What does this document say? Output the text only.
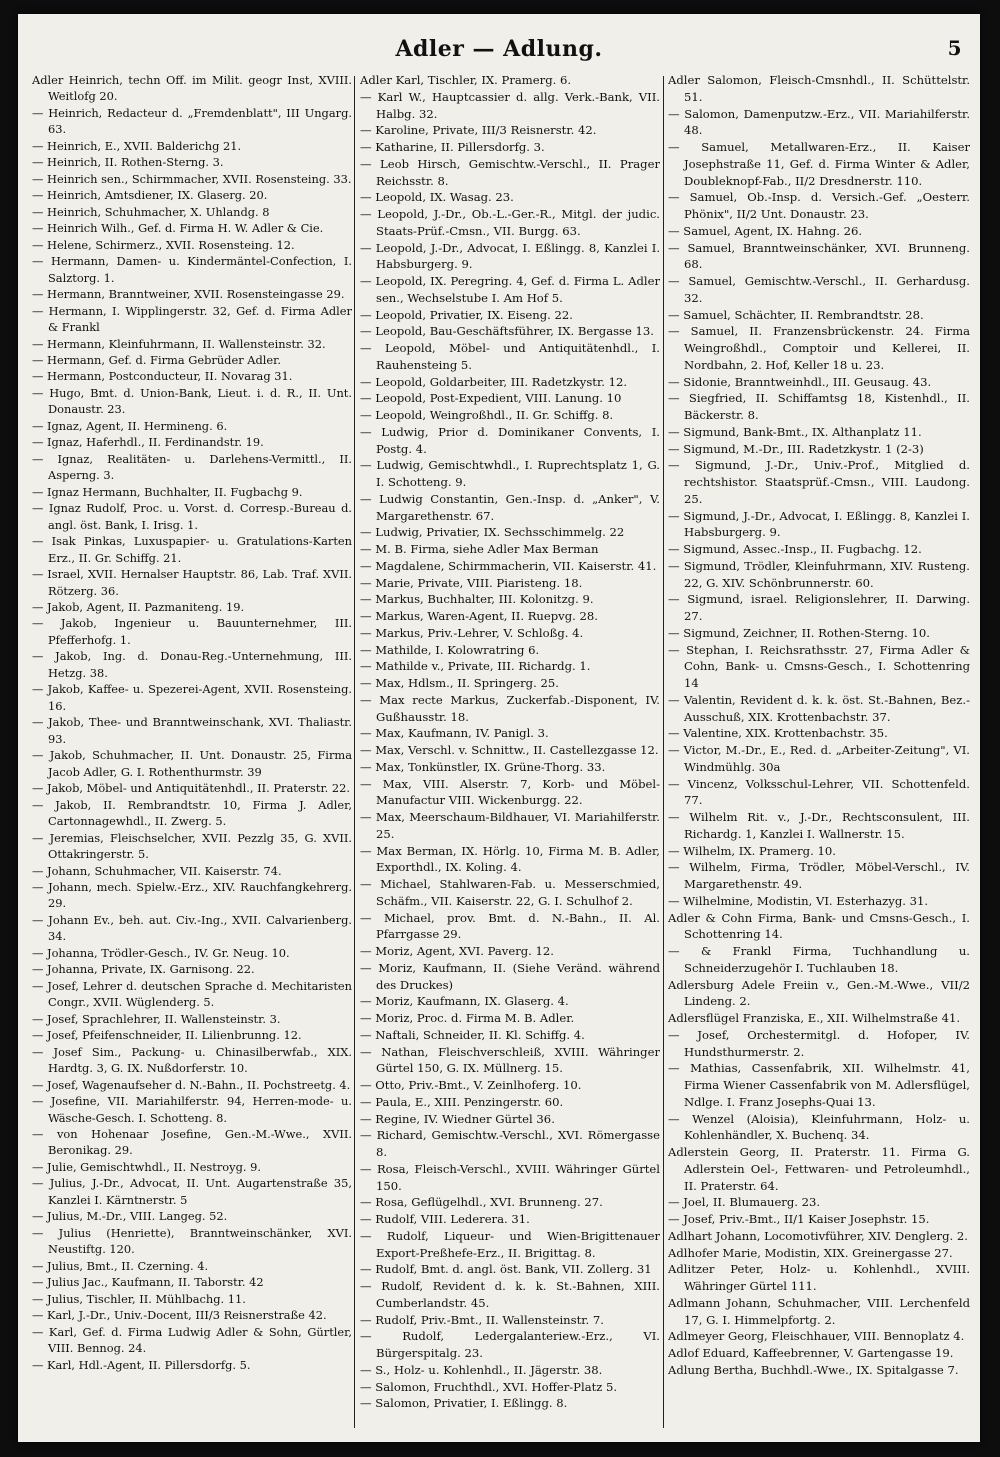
Adler — Adlung.	5

Adler Heinrich, techn Off. im Milit. geogr Inst, XVIII. Weitlofg 20.

— Heinrich, Redacteur d. „Fremdenblatt", III Ungarg. 63.

— Heinrich, E., XVII. Balderichg 21.

— Heinrich, II. Rothen-Sterng. 3.

— Heinrich sen., Schirmmacher, XVII. Rosensteing. 33.

— Heinrich, Amtsdiener, IX. Glaserg. 20.

— Heinrich, Schuhmacher, X. Uhlandg. 8

— Heinrich Wilh., Gef. d. Firma H. W. Adler & Cie.

— Helene, Schirmerz., XVII. Rosensteing. 12.

— Hermann, Damen- u. Kindermäntel-Confection, I. Salztorg. 1.

— Hermann, Branntweiner, XVII. Rosensteingasse 29.

— Hermann, I. Wipplingerstr. 32, Gef. d. Firma Adler & Frankl

— Hermann, Kleinfuhrmann, II. Wallensteinstr. 32.

— Hermann, Gef. d. Firma Gebrüder Adler.

— Hermann, Postconducteur, II. Novarag 31.

— Hugo, Bmt. d. Union-Bank, Lieut. i. d. R., II. Unt. Donaustr. 23.

— Ignaz, Agent, II. Hermineng. 6.

— Ignaz, Haferhdl., II. Ferdinandstr. 19.

— Ignaz, Realitäten- u. Darlehens-Vermittl., II. Asperng. 3.

— Ignaz Hermann, Buchhalter, II. Fugbachg 9.

— Ignaz Rudolf, Proc. u. Vorst. d. Corresp.-Bureau d. angl. öst. Bank, I. Irisg. 1.

— Isak Pinkas, Luxuspapier- u. Gratulations-Karten Erz., II. Gr. Schiffg. 21.

— Israel, XVII. Hernalser Hauptstr. 86, Lab. Traf. XVII. Rötzerg. 36.

— Jakob, Agent, II. Pazmaniteng. 19.

— Jakob, Ingenieur u. Bauunternehmer, III. Pfefferhofg. 1.

— Jakob, Ing. d. Donau-Reg.-Unternehmung, III. Hetzg. 38.

— Jakob, Kaffee- u. Spezerei-Agent, XVII. Rosensteing. 16.

— Jakob, Thee- und Branntweinschank, XVI. Thaliastr. 93.

— Jakob, Schuhmacher, II. Unt. Donaustr. 25, Firma Jacob Adler, G. I. Rothenthurmstr. 39

— Jakob, Möbel- und Antiquitätenhdl., II. Praterstr. 22.

— Jakob, II. Rembrandtstr. 10, Firma J. Adler, Cartonnagewhdl., II. Zwerg. 5.

— Jeremias, Fleischselcher, XVII. Pezzlg 35, G. XVII. Ottakringerstr. 5.

— Johann, Schuhmacher, VII. Kaiserstr. 74.

— Johann, mech. Spielw.-Erz., XIV. Rauchfangkehrerg. 29.

— Johann Ev., beh. aut. Civ.-Ing., XVII. Calvarienberg. 34.

— Johanna, Trödler-Gesch., IV. Gr. Neug. 10.

— Johanna, Private, IX. Garnisong. 22.

— Josef, Lehrer d. deutschen Sprache d. Mechitaristen Congr., XVII. Wüglenderg. 5.

— Josef, Sprachlehrer, II. Wallensteinstr. 3.

— Josef, Pfeifenschneider, II. Lilienbrunng. 12.

— Josef Sim., Packung- u. Chinasilberwfab., XIX. Hardtg. 3, G. IX. Nußdorferstr. 10.

— Josef, Wagenaufseher d. N.-Bahn., II. Pochstreetg. 4.

— Josefine, VII. Mariahilferstr. 94, Herren-mode- u. Wäsche-Gesch. I. Schotteng. 8.

— von Hohenaar Josefine, Gen.-M.-Wwe., XVII. Beronikag. 29.

— Julie, Gemischtwhdl., II. Nestroyg. 9.

— Julius, J.-Dr., Advocat, II. Unt. Augartenstraße 35, Kanzlei I. Kärntnerstr. 5

— Julius, M.-Dr., VIII. Langeg. 52.

— Julius (Henriette), Branntweinschänker, XVI. Neustiftg. 120.

— Julius, Bmt., II. Czerning. 4.

— Julius Jac., Kaufmann, II. Taborstr. 42

— Julius, Tischler, II. Mühlbachg. 11.

— Karl, J.-Dr., Univ.-Docent, III/3 Reisnerstraße 42.

— Karl, Gef. d. Firma Ludwig Adler & Sohn, Gürtler, VIII. Bennog. 24.

— Karl, Hdl.-Agent, II. Pillersdorfg. 5.

Adler Karl, Tischler, IX. Pramerg. 6.

— Karl W., Hauptcassier d. allg. Verk.-Bank, VII. Halbg. 32.

— Karoline, Private, III/3 Reisnerstr. 42.

— Katharine, II. Pillersdorfg. 3.

— Leob Hirsch, Gemischtw.-Verschl., II. Prager Reichsstr. 8.

— Leopold, IX. Wasag. 23.

— Leopold, J.-Dr., Ob.-L.-Ger.-R., Mitgl. der judic. Staats-Prüf.-Cmsn., VII. Burgg. 63.

— Leopold, J.-Dr., Advocat, I. Eßlingg. 8, Kanzlei I. Habsburgerg. 9.

— Leopold, IX. Peregring. 4, Gef. d. Firma L. Adler sen., Wechselstube I. Am Hof 5.

— Leopold, Privatier, IX. Eiseng. 22.

— Leopold, Bau-Geschäftsführer, IX. Bergasse 13.

— Leopold, Möbel- und Antiquitätenhdl., I. Rauhensteing 5.

— Leopold, Goldarbeiter, III. Radetzkystr. 12.

— Leopold, Post-Expedient, VIII. Lanung. 10

— Leopold, Weingroßhdl., II. Gr. Schiffg. 8.

— Ludwig, Prior d. Dominikaner Convents, I. Postg. 4.

— Ludwig, Gemischtwhdl., I. Ruprechtsplatz 1, G. I. Schotteng. 9.

— Ludwig Constantin, Gen.-Insp. d. „Anker", V. Margarethenstr. 67.

— Ludwig, Privatier, IX. Sechsschimmelg. 22

— M. B. Firma, siehe Adler Max Berman

— Magdalene, Schirmmacherin, VII. Kaiserstr. 41.

— Marie, Private, VIII. Piaristeng. 18.

— Markus, Buchhalter, III. Kolonitzg. 9.

— Markus, Waren-Agent, II. Ruepvg. 28.

— Markus, Priv.-Lehrer, V. Schloßg. 4.

— Mathilde, I. Kolowratring 6.

— Mathilde v., Private, III. Richardg. 1.

— Max, Hdlsm., II. Springerg. 25.

— Max recte Markus, Zuckerfab.-Disponent, IV. Gußhausstr. 18.

— Max, Kaufmann, IV. Panigl. 3.

— Max, Verschl. v. Schnittw., II. Castellezgasse 12.

— Max, Tonkünstler, IX. Grüne-Thorg. 33.

— Max, VIII. Alserstr. 7, Korb- und Möbel-Manufactur VIII. Wickenburgg. 22.

— Max, Meerschaum-Bildhauer, VI. Mariahilferstr. 25.

— Max Berman, IX. Hörlg. 10, Firma M. B. Adler, Exporthdl., IX. Koling. 4.

— Michael, Stahlwaren-Fab. u. Messerschmied, Schäfm., VII. Kaiserstr. 22, G. I. Schulhof 2.

— Michael, prov. Bmt. d. N.-Bahn., II. Al. Pfarrgasse 29.

— Moriz, Agent, XVI. Paverg. 12.

— Moriz, Kaufmann, II. (Siehe Veränd. während des Druckes)

— Moriz, Kaufmann, IX. Glaserg. 4.

— Moriz, Proc. d. Firma M. B. Adler.

— Naftali, Schneider, II. Kl. Schiffg. 4.

— Nathan, Fleischverschleiß, XVIII. Währinger Gürtel 150, G. IX. Müllnerg. 15.

— Otto, Priv.-Bmt., V. Zeinlhoferg. 10.

— Paula, E., XIII. Penzingerstr. 60.

— Regine, IV. Wiedner Gürtel 36.

— Richard, Gemischtw.-Verschl., XVI. Römergasse 8.

— Rosa, Fleisch-Verschl., XVIII. Währinger Gürtel 150.

— Rosa, Geflügelhdl., XVI. Brunneng. 27.

— Rudolf, VIII. Lederera. 31.

— Rudolf, Liqueur- und Wien-Brigittenauer Export-Preßhefe-Erz., II. Brigittag. 8.

— Rudolf, Bmt. d. angl. öst. Bank, VII. Zollerg. 31

— Rudolf, Revident d. k. k. St.-Bahnen, XIII. Cumberlandstr. 45.

— Rudolf, Priv.-Bmt., II. Wallensteinstr. 7.

— Rudolf, Ledergalanteriew.-Erz., VI. Bürgerspitalg. 23.

— S., Holz- u. Kohlenhdl., II. Jägerstr. 38.

— Salomon, Fruchthdl., XVI. Hoffer-Platz 5.

— Salomon, Privatier, I. Eßlingg. 8.

Adler Salomon, Fleisch-Cmsnhdl., II. Schüttelstr. 51.

— Salomon, Damenputzw.-Erz., VII. Mariahilferstr. 48.

— Samuel, Metallwaren-Erz., II. Kaiser Josephstraße 11, Gef. d. Firma Winter & Adler, Doubleknopf-Fab., II/2 Dresdnerstr. 110.

— Samuel, Ob.-Insp. d. Versich.-Gef. „Oesterr. Phönix", II/2 Unt. Donaustr. 23.

— Samuel, Agent, IX. Hahng. 26.

— Samuel, Branntweinschänker, XVI. Brunneng. 68.

— Samuel, Gemischtw.-Verschl., II. Gerhardusg. 32.

— Samuel, Schächter, II. Rembrandtstr. 28.

— Samuel, II. Franzensbrückenstr. 24. Firma Weingroßhdl., Comptoir und Kellerei, II. Nordbahn, 2. Hof, Keller 18 u. 23.

— Sidonie, Branntweinhdl., III. Geusaug. 43.

— Siegfried, II. Schiffamtsg 18, Kistenhdl., II. Bäckerstr. 8.

— Sigmund, Bank-Bmt., IX. Althanplatz 11.

— Sigmund, M.-Dr., III. Radetzkystr. 1 (2-3)

— Sigmund, J.-Dr., Univ.-Prof., Mitglied d. rechtshistor. Staatsprüf.-Cmsn., VIII. Laudong. 25.

— Sigmund, J.-Dr., Advocat, I. Eßlingg. 8, Kanzlei I. Habsburgerg. 9.

— Sigmund, Assec.-Insp., II. Fugbachg. 12.

— Sigmund, Trödler, Kleinfuhrmann, XIV. Rusteng. 22, G. XIV. Schönbrunnerstr. 60.

— Sigmund, israel. Religionslehrer, II. Darwing. 27.

— Sigmund, Zeichner, II. Rothen-Sterng. 10.

— Stephan, I. Reichsrathsstr. 27, Firma Adler & Cohn, Bank- u. Cmsns-Gesch., I. Schottenring 14

— Valentin, Revident d. k. k. öst. St.-Bahnen, Bez.-Ausschuß, XIX. Krottenbachstr. 37.

— Valentine, XIX. Krottenbachstr. 35.

— Victor, M.-Dr., E., Red. d. „Arbeiter-Zeitung", VI. Windmühlg. 30a

— Vincenz, Volksschul-Lehrer, VII. Schottenfeld. 77.

— Wilhelm Rit. v., J.-Dr., Rechtsconsulent, III. Richardg. 1, Kanzlei I. Wallnerstr. 15.

— Wilhelm, IX. Pramerg. 10.

— Wilhelm, Firma, Trödler, Möbel-Verschl., IV. Margarethenstr. 49.

— Wilhelmine, Modistin, VI. Esterhazyg. 31.

Adler & Cohn Firma, Bank- und Cmsns-Gesch., I. Schottenring 14.

— & Frankl Firma, Tuchhandlung u. Schneiderzugehör I. Tuchlauben 18.

Adlersburg Adele Freiin v., Gen.-M.-Wwe., VII/2 Lindeng. 2.

Adlersflügel Franziska, E., XII. Wilhelmstraße 41.

— Josef, Orchestermitgl. d. Hofoper, IV. Hundsthurmerstr. 2.

— Mathias, Cassenfabrik, XII. Wilhelmstr. 41, Firma Wiener Cassenfabrik von M. Adlersflügel, Ndlge. I. Franz Josephs-Quai 13.

— Wenzel (Aloisia), Kleinfuhrmann, Holz- u. Kohlenhändler, X. Buchenq. 34.

Adlerstein Georg, II. Praterstr. 11. Firma G. Adlerstein Oel-, Fettwaren- und Petroleumhdl., II. Praterstr. 64.

— Joel, II. Blumauerg. 23.

— Josef, Priv.-Bmt., II/1 Kaiser Josephstr. 15.

Adlhart Johann, Locomotivführer, XIV. Denglerg. 2.

Adlhofer Marie, Modistin, XIX. Greinergasse 27.

Adlitzer Peter, Holz- u. Kohlenhdl., XVIII. Währinger Gürtel 111.

Adlmann Johann, Schuhmacher, VIII. Lerchenfeld 17, G. I. Himmelpfortg. 2.

Adlmeyer Georg, Fleischhauer, VIII. Bennoplatz 4.

Adlof Eduard, Kaffeebrenner, V. Gartengasse 19.

Adlung Bertha, Buchhdl.-Wwe., IX. Spitalgasse 7.
